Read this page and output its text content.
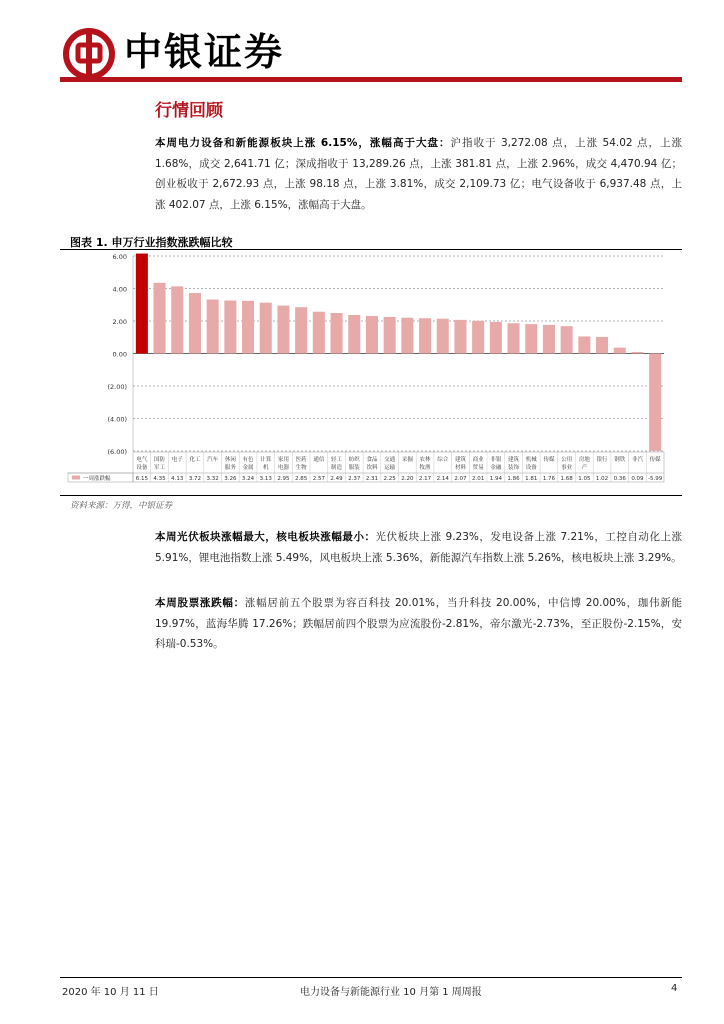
中银证券
行情回顾
本周电力设备和新能源板块上涨 6.15%，涨幅高于大盘：沪指收于 3,272.08 点，上涨 54.02 点，上涨 1.68%，成交 2,641.71 亿；深成指收于 13,289.26 点，上涨 381.81 点，上涨 2.96%，成交 4,470.94 亿；创业板收于 2,672.93 点，上涨 98.18 点，上涨 3.81%，成交 2,109.73 亿；电气设备收于 6,937.48 点，上涨 402.07 点，上涨 6.15%，涨幅高于大盘。
图表 1. 申万行业指数涨跌幅比较
6.00
4.00
2.00
0.00
(2.00)
(4.00)
(6.00)
一周涨跌幅
电气
设备
6.15
国防
军工
4.35
电子
4.13
化工
3.72
汽车
3.32
休闲
服务
3.26
有色
金属
3.24
计算
机
3.13
家用
电器
2.95
医药
生物
2.85
通信
2.57
轻工
制造
2.49
纺织
服装
2.37
食品
饮料
2.31
交通
运输
2.25
采掘
2.20
农林
牧渔
2.17
综合
2.14
建筑
材料
2.07
商业
贸易
2.01
非银
金融
1.94
建筑
装饰
1.86
机械
设备
1.81
传媒
1.76
公用
事业
1.68
房地
产
1.05
银行
1.02
钢铁
0.36
非汽
0.09
传媒
-5.99
资料来源：万得，中银证券
本周光伏板块涨幅最大，核电板块涨幅最小：光伏板块上涨 9.23%，发电设备上涨 7.21%，工控自动化上涨 5.91%，锂电池指数上涨 5.49%，风电板块上涨 5.36%，新能源汽车指数上涨 5.26%，核电板块上涨 3.29%。
本周股票涨跌幅：涨幅居前五个股票为容百科技 20.01%，当升科技 20.00%，中信博 20.00%，珈伟新能 19.97%，蓝海华腾 17.26%；跌幅居前四个股票为应流股份-2.81%，帝尔激光-2.73%，至正股份-2.15%，安科瑞-0.53%。
2020 年 10 月 11 日	电力设备与新能源行业 10 月第 1 周周报	4
